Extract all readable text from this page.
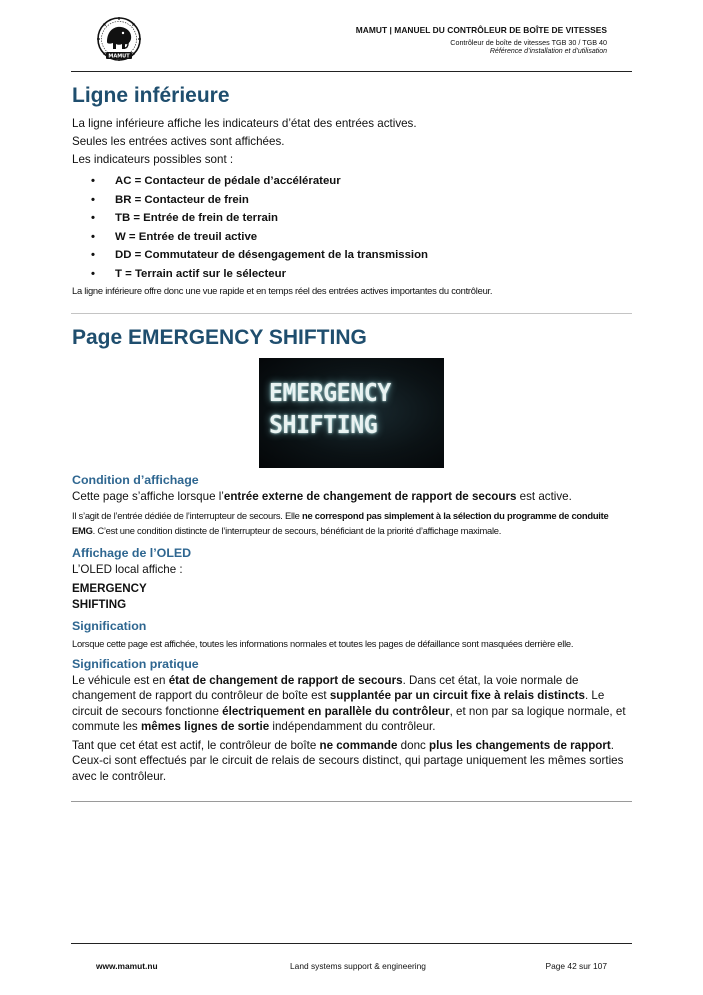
MAMUT
MAMUT | MANUEL DU CONTRÔLEUR DE BOÎTE DE VITESSES
Contrôleur de boîte de vitesses TGB 30 / TGB 40
Référence d’installation et d’utilisation
Ligne inférieure
La ligne inférieure affiche les indicateurs d’état des entrées actives.
Seules les entrées actives sont affichées.
Les indicateurs possibles sont :
• AC = Contacteur de pédale d’accélérateur
• BR = Contacteur de frein
• TB = Entrée de frein de terrain
• W = Entrée de treuil active
• DD = Commutateur de désengagement de la transmission
• T = Terrain actif sur le sélecteur
La ligne inférieure offre donc une vue rapide et en temps réel des entrées actives importantes du contrôleur.
Page EMERGENCY SHIFTING
EMERGENCY
SHIFTING
Condition d’affichage
Cette page s’affiche lorsque l’entrée externe de changement de rapport de secours est active.
Il s’agit de l’entrée dédiée de l’interrupteur de secours. Elle ne correspond pas simplement à la sélection du programme de conduite EMG. C’est une condition distincte de l’interrupteur de secours, bénéficiant de la priorité d’affichage maximale.
Affichage de l’OLED
L’OLED local affiche :
EMERGENCY
SHIFTING
Signification
Lorsque cette page est affichée, toutes les informations normales et toutes les pages de défaillance sont masquées derrière elle.
Signification pratique
Le véhicule est en état de changement de rapport de secours. Dans cet état, la voie normale de changement de rapport du contrôleur de boîte est supplantée par un circuit fixe à relais distincts. Le circuit de secours fonctionne électriquement en parallèle du contrôleur, et non par sa logique normale, et commute les mêmes lignes de sortie indépendamment du contrôleur.
Tant que cet état est actif, le contrôleur de boîte ne commande donc plus les changements de rapport. Ceux-ci sont effectués par le circuit de relais de secours distinct, qui partage uniquement les mêmes sorties avec le contrôleur.
www.mamut.nu	Land systems support & engineering	Page 42 sur 107
